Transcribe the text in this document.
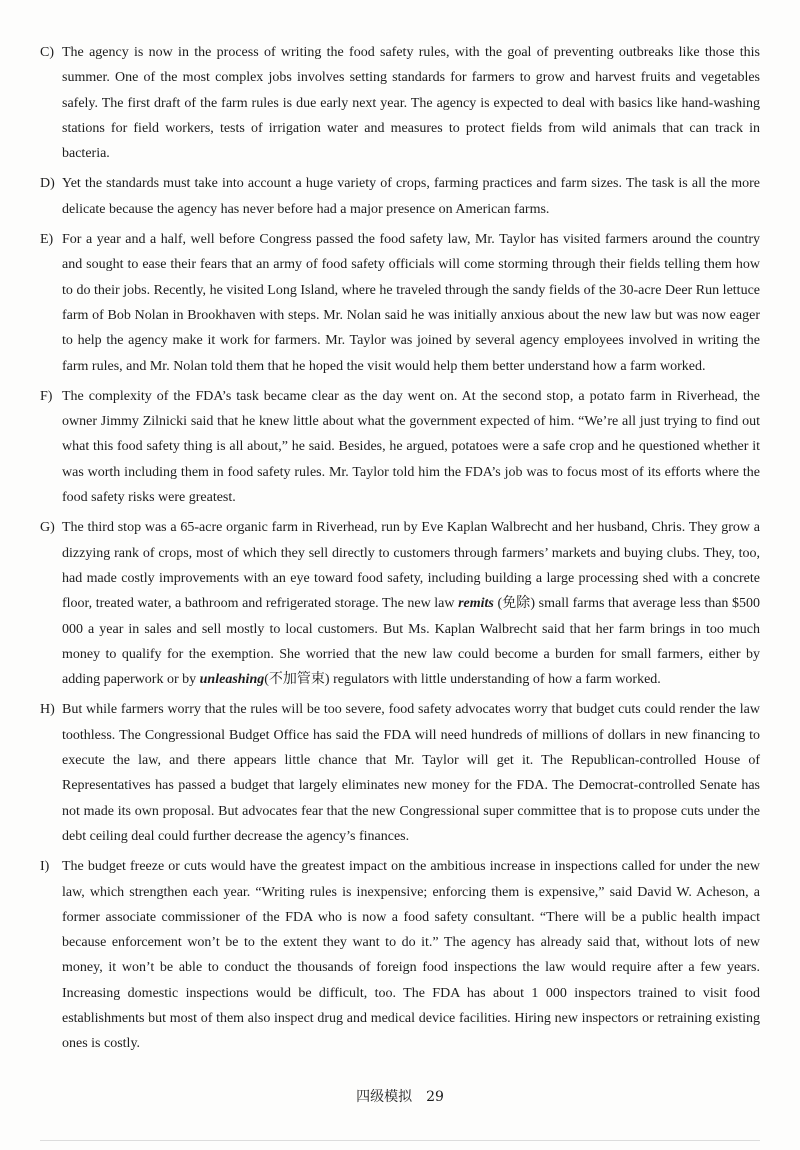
C) The agency is now in the process of writing the food safety rules, with the goal of preventing outbreaks like those this summer. One of the most complex jobs involves setting standards for farmers to grow and harvest fruits and vegetables safely. The first draft of the farm rules is due early next year. The agency is expected to deal with basics like hand-washing stations for field workers, tests of irrigation water and measures to protect fields from wild animals that can track in bacteria.

D) Yet the standards must take into account a huge variety of crops, farming practices and farm sizes. The task is all the more delicate because the agency has never before had a major presence on American farms.

E) For a year and a half, well before Congress passed the food safety law, Mr. Taylor has visited farmers around the country and sought to ease their fears that an army of food safety officials will come storming through their fields telling them how to do their jobs. Recently, he visited Long Island, where he traveled through the sandy fields of the 30-acre Deer Run lettuce farm of Bob Nolan in Brookhaven with steps. Mr. Nolan said he was initially anxious about the new law but was now eager to help the agency make it work for farmers. Mr. Taylor was joined by several agency employees involved in writing the farm rules, and Mr. Nolan told them that he hoped the visit would help them better understand how a farm worked.

F) The complexity of the FDA’s task became clear as the day went on. At the second stop, a potato farm in Riverhead, the owner Jimmy Zilnicki said that he knew little about what the government expected of him. “We’re all just trying to find out what this food safety thing is all about,” he said. Besides, he argued, potatoes were a safe crop and he questioned whether it was worth including them in food safety rules. Mr. Taylor told him the FDA’s job was to focus most of its efforts where the food safety risks were greatest.

G) The third stop was a 65-acre organic farm in Riverhead, run by Eve Kaplan Walbrecht and her husband, Chris. They grow a dizzying rank of crops, most of which they sell directly to customers through farmers’ markets and buying clubs. They, too, had made costly improvements with an eye toward food safety, including building a large processing shed with a concrete floor, treated water, a bathroom and refrigerated storage. The new law remits (免除) small farms that average less than $500 000 a year in sales and sell mostly to local customers. But Ms. Kaplan Walbrecht said that her farm brings in too much money to qualify for the exemption. She worried that the new law could become a burden for small farmers, either by adding paperwork or by unleashing(不加管束) regulators with little understanding of how a farm worked.

H) But while farmers worry that the rules will be too severe, food safety advocates worry that budget cuts could render the law toothless. The Congressional Budget Office has said the FDA will need hundreds of millions of dollars in new financing to execute the law, and there appears little chance that Mr. Taylor will get it. The Republican-controlled House of Representatives has passed a budget that largely eliminates new money for the FDA. The Democrat-controlled Senate has not made its own proposal. But advocates fear that the new Congressional super committee that is to propose cuts under the debt ceiling deal could further decrease the agency’s finances.

I) The budget freeze or cuts would have the greatest impact on the ambitious increase in inspections called for under the new law, which strengthen each year. “Writing rules is inexpensive; enforcing them is expensive,” said David W. Acheson, a former associate commissioner of the FDA who is now a food safety consultant. “There will be a public health impact because enforcement won’t be to the extent they want to do it.” The agency has already said that, without lots of new money, it won’t be able to conduct the thousands of foreign food inspections the law would require after a few years. Increasing domestic inspections would be difficult, too. The FDA has about 1 000 inspectors trained to visit food establishments but most of them also inspect drug and medical device facilities. Hiring new inspectors or retraining existing ones is costly.

四级模拟 29
